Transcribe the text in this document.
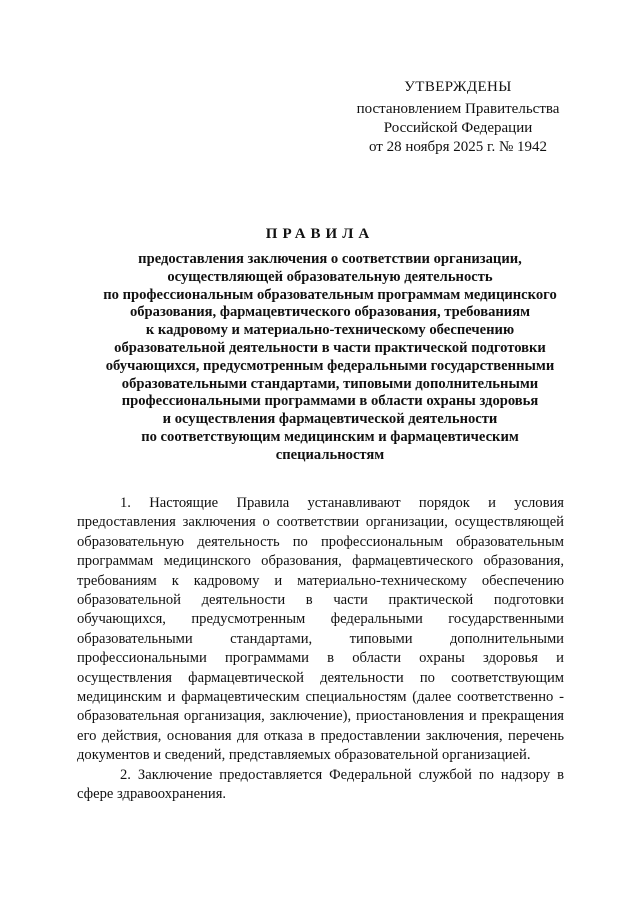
УТВЕРЖДЕНЫ
постановлением Правительства
Российской Федерации
от 28 ноября 2025 г. № 1942
ПРАВИЛА
предоставления заключения о соответствии организации,
осуществляющей образовательную деятельность
по профессиональным образовательным программам медицинского
образования, фармацевтического образования, требованиям
к кадровому и материально-техническому обеспечению
образовательной деятельности в части практической подготовки
обучающихся, предусмотренным федеральными государственными
образовательными стандартами, типовыми дополнительными
профессиональными программами в области охраны здоровья
и осуществления фармацевтической деятельности
по соответствующим медицинским и фармацевтическим
специальностям

1. Настоящие Правила устанавливают порядок и условия предоставления заключения о соответствии организации, осуществляющей образовательную деятельность по профессиональным образовательным программам медицинского образования, фармацевтического образования, требованиям к кадровому и материально-техническому обеспечению образовательной деятельности в части практической подготовки обучающихся, предусмотренным федеральными государственными образовательными стандартами, типовыми дополнительными профессиональными программами в области охраны здоровья и осуществления фармацевтической деятельности по соответствующим медицинским и фармацевтическим специальностям (далее соответственно - образовательная организация, заключение), приостановления и прекращения его действия, основания для отказа в предоставлении заключения, перечень документов и сведений, представляемых образовательной организацией.

2. Заключение предоставляется Федеральной службой по надзору в сфере здравоохранения.
